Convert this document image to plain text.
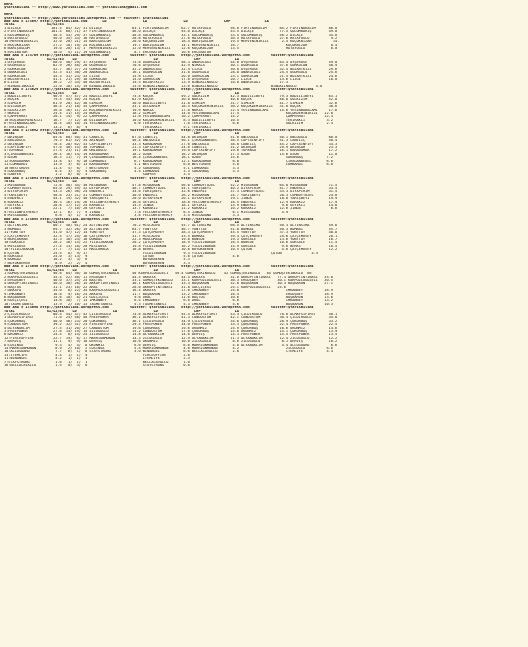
URFA
$YarisBilimi -- http://www.yarisbilimi.com -- yarisbilimi@gmail.com
URFA
$YarisBilimi -- http://www.yarisbilimi.wordpress.com -- twitter: $YarisBilimi
### ARA = 173697 http://yarisbilimi.com       LD                 LA                 LD                 LRP                LA
TOTAL               G1/S2/E3
1:DİLAÇE              101.5  84/ 42/ 31 DİLAÇE              63.1 FIRTINAKASIM      62.7 HATAYOĞLU         56.0 FIRTINAKASIM      85.2 FIRTINAKASIM      86.0
2:FIRTINAKASIM        101.4  60/ 71/ 37 FIRTINAKASIM        46.0 DİLAÇE            55.0 DİLAÇE            53.5 DİLAÇE            77.5 GÜLÜMBARIŞ        49.0
3:GÜLÜMBARIŞ           58.5  53/ 29/ 37 GÜLÜMBARIŞ          38.8 GÜLÜMBARIŞ        33.1 GÜLÜMBARIŞ        33.5 GÜLÜMBARIŞ        56.2 DİLAÇE            35.8
4:HATAYOĞLU            50.0  35/ 33/ 16 HATAYOĞLU           28.6 HATAYOĞLU         27.6 HATAYOĞLU         30.5 HATAYOĞLU         27.6 HATAYOĞLU          9.2
10:MERVENİNİKİZİ       32.0  20/ 21/ 15 BARIŞOĞLUM          20.0 KÜÇÜKBİZAR        18.4 BARIŞOĞLUM        19.5 MERVENİNİKİZİ      2.4 KÜÇÜKBİZAR          14.
5:KÜÇÜKBİZAR           27.2  10/ 19/ 24 KÜÇÜKBİZAR          19.7 BARIŞOĞLUM        14.1 MERVENİNİKİZİ     16.7                      KÜÇÜKBİZAR           8.4
6:BARIŞOĞLUM           19.0  20/ 13/ 1  MERVENİNİKİZİ       12.0 MERVENİNİKİZİ     12.6 KÜÇÜKBİZAR        13.5                      HATAYOĞLU            6.0
9:ERCEBATUR            18.0   5/ 11/ 19 GÜLÜMBARIŞ           8.7 ERCEBATUR         10.6 ERCEBATUR
### ARA = 173709 http://yarisbilimi.wordpress.com          twitter: $YarisBilimi   http://yarisbilimi.wordpress.com          twitter:$YarisBilimi
TOTAL               G1/S2/E3    LD                 LA                 LD                 LRP                LA
1:AYŞEROSE             68.0  58/ 29/ 37 AYŞEROSE            75.6 ÜĞÜRGÜLÜ          58.3 ANAKUCAĞI         54.8 AYŞEROSE          83.4 AYŞEROSE          59.0
5:ÜĞÜRGÜLÜ             62.9  26/ 48/ 28 ÜĞÜRGÜLÜ            70.6 AYŞEROSE          42.9 NİMALA            30.1 ÜĞÜRGÜLÜ          37.6 GÜRKUCAN          48.9
2:GÜRKUCAN             52.7  36/ 27/ 24 GÜRKUCAN            32.2 ANAKUCAĞI         32.4 LİZGE             30.0 AYŞEROSE          32.5 BOJARTKİZİ        29.6
4:ANAKUCAĞI            52.3  41/ 30/ 20 ANAKUCAĞI           16.1 ÜĞÜRKUCAN         31.8 ÜĞÜRGÜLÜ          28.8 ANAKUCAĞI         24.5 ÜĞÜRGÜLÜ          25.6
6:GÜRKUCAN             45.3  31/ 23/ 33 LİZGE               15.6 LİZGE             20.0 GÜRKUCAN          23.1 GÜRKUCAN          21.5 BOJARTKİZİ        24.6
3:BOJARTKİZİ           41.1  21/ 29/ 18 GÜRKUCAN            15.0 GÜRKUCAN          17.8 AYŞEROSE          20.7 LİZGE             13.6 LİZGE             18.0
8:LİZGE                36.2   2/ 33/ 40 BOJARTKİZİ          19.5 BOJARTKİZİ        13.9 BİNDALİNOĞLU      10.8 ANAKUCAĞI         17.3
7:BİNDALİNOĞLU         22.0  10/ 15/ 19 BİNDALİNOĞLU        13.6 BİNDALİNOĞLU      13.6 BİNDALİNOĞLU                         BİNDALİNOĞLU         5.8
### ARA = 173629 http://yarisbilimi.wordpress.com          twitter: $YarisBilimi   http://yarisbilimi.wordpress.com          twitter:$YarisBilimi
TOTAL               G1/S2/E3    LD                 LA                 LD                 LRP                LA
1:BADİLLİBEYİ          96.9  57/ 47/ 24 BADİLLİBEYİ         75.4 KOÇEK             59.2 GÜLKIZIM          42.3 BADİLLİBEYİ       79.3 BADİLLİBEYİ       63.1
2:KOÇEK                79.5  55/ 40/ 24 KOÇEK               62.9 KOÇEK             30.0 NURZA             40.6 KOÇEK             46.8 GÜLKIZIM          52.8
3:GİMGİM               61.9  20/ 42/ 38 GİMGİM              30.0 BADİLLİBEYİ       31.8 GİMGİM            31.7 GİMGİM            41.7 GİMGİM            32.6
4:DİLDARIM             46.4  21/ 18/ 35 ÇAMPERHAT           33.1 DİLDARIM          18.4 KÜÇÜKDEMİNİKİZİ   30.2 KÜÇÜKDEMİNİKİZİ   31.0 KOÇEK             30.6
8:GÜLKIZIM             26.8  16/ 11/ 22 KÜÇÜKDEMİNİKİZİ     19.9 NURZA             17.0 NURZA             22.4 YESİNBABALAMI     15.6 YESİNBABALAMI     17.6
7:NURZA                25.4  11/ 15/ 25 NURZA               18.2 GİMGİM            14.0 YESİNBABALAMI     17.5                      KÜÇÜKDEMİNİKİZİ   12.8
5:ÇAMPERHAT            20.1  14/  9/ 22 ÇAMPERHAT           12.6 YESİNBABALAMI     10.2 ÇAMPERHAT         14.2                      ÇAMPERHAT         12.4
10:KÜÇÜKDEMİNİKİZİ     16.7   7/ 12/ 16 DİLDARIM            10.0 KÜÇÜKDEMİNİKİZİ    8.3 BADİLLİBEYİ       10.5                      TEKİRAKLI          3.2
6:YESİNBABALAMI        16.4  10/ 10/ 14 YESİNBABALAMI        6.6 TEKİRAKLI          7.8 TEKİRAKLI          6.6                      GÜLKIZIM           2.4
6:TEKİRAKLI            13.2   6/  8/  9                          TEKİRAKLI          5.1 TEKİRAKLI
### ARA = 173692 http://yarisbilimi.wordpress.com          twitter: $YarisBilimi   http://yarisbilimi.wordpress.com          twitter:$YarisBilimi
TOTAL               G1/S2/E3    LD                 LA                 LD                 LRP                LA
7:AKINŞAH              85.6  60/ 50/ 31 CANELİÇ             67.0 CANELİÇ           54.8 AKINŞAH           51.0 ÜNLÜOĞLU          50.1 ÜNLÜOĞLU          60.0
3:ÜNLÜOĞLU             79.3  61/ 52/ 34 AKINŞAH             46.4 ÜNLÜOĞLU          50.1 ÇIRAĞANBEDEL      38.5 CAPTAINFIFT       51.3 CANELİÇ           58.4
2:AKINŞAH              78.4  28/ 62/ 33 CAPTAINFIFT         33.3 KARADAMAR         27.6 ÜNLÜOĞLU          38.0 CANELİÇ           45.2 CAPTAINFIFT       34.3
1:CAPTAINFIFT          57.0  40/ 15/ 30 TOPANGA             21.3 CAPTAINFIFT       24.6 CANELİÇ           31.2 AKINŞAH           29.9 AKINŞAH           23.3
4:TOPANGA              27.5  21/ 11/ 30 ÜNLÜOĞLU            19.1 KARADAMAR         19.0 CAPTAINFIFT       19.6 TOPANGA           16.1 KARADAMAR         17.2
3:ÇIRAĞANBEDEL         26.4  16/ 14/ 19 KARADAMAR           18.2 OZUN              16.2 AKINŞAH           17.3 OZUN              15.6 OZUN              11.0
5:OZUN                 16.3  11/  7/ 19 ÇIRAĞANBEDEL        16.4 ÇIRAĞANBEDEL      16.1 OZUN              15.6                      SAKARBAŞ           7.2
12:KARADAMAR           13.8   4/  9/ 10 LOMBARDI             6.7 KARADAMAR         12.1 KARADAMAR          6.0                      ÇIRAĞANBEDEL       6.8
11:LOMBARDI            13.9   3/  6/ 13 KARADAMAR            5.1 WESTGROVE          6.0 WESTGROVE          5.0                      LOMBARDI           6.0
10:WESTGROVE           11.4   5/  6/  7 WESTGROVE            5.2 SAKARBAŞ           5.1 LOMBARDI           3.3
9:SAKARBAŞ              6.5   3/  4/  5 SAKARBAŞ             4.5 LOMBARDI           3.3 SAKARBAŞ           3.3
8:SAWYER                1.2   0/  0/  3                          SAWYER             3.4
### ARA = 173693 http://yarisbilimi.wordpress.com          twitter: $YarisBilimi   http://yarisbilimi.wordpress.com          twitter:$YarisBilimi
TOTAL               G1/S2/E3    LD                 LA                 LD                 LRP                LA
1:MISBARAN             72.6  58/ 34/ 30 MISBARAN            57.8 MISBARAN          56.6 COMBOYTUZEL       52.2 MISBARAN          64.8 MISBARAN          71.5
2:COMBOYTUZEL          65.0  29/ 59/ 32 DİYAPİRİM           48.7 COMBOYTUZEL       44.1 YARIŞBEYİ         40.2 DİYAPİRİM         41.7 ENDERLİ           33.4
3:DİYAPİRİM            53.3  26/ 36/ 24 ENDERLİ             34.6 YARIŞBEYİ         32.6 ENDERLİ           37.3 COMBOYTUZEL       33.3 DİYAPİRİM         31.5
4:YARIŞBEYİ            50.8  23/ 21/ 31 COMBOYTUZEL         30.0 ENDERLİ           26.2 MISBARAN          24.7 YARIŞBEYİ         28.3 COMBOYTUZEL       24.0
5:ENDERLİ              44.1  19/ 32/ 40 YARIŞBEYİ           20.0 DİYAPİRİM         20.1 DİYAPİRİM         19.1 JİNDA             18.0 YARIŞBEYİ         19.9
6:KARAKIZ              30.3  16/ 19/ 26 YELLOWFATHERLY      16.6 GEYİKLİ           18.8 YELLOWFATHERLY    16.5 ENDERLİ           12.9 KARAKIZ           17.9
7:GEYİKLİ              28.6  17/ 12/ 24 KARAKIZ             14.5 JİNDA             18.1 GEYİKLİ           15.9 ENDERLİ            9.6 GEYİKLİ           14.8
10:JİNDA               22.1   7/ 10/ 20 GEYİKLİ             13.7 KARAKIZ           11.2 KARAKIZ           10.2 KARAKIZ           12.6 JİNDA              6.6
9:YELLOWFATHERLY       12.1   6/  7/  9 JİNDA                7.8 YELLOWFATHERLY     8.5 JİNDA              6.1 MISSADANA          4.9
8:MISSADANA             6.6   4/  1/  4 KARAKIZ              3.6 YELLOWFATHERLY     3.4 MISSADANA          3.3
### ARA = 173695 http://yarisbilimi.wordpress.com          twitter: $YarisBilimi   http://yarisbilimi.wordpress.com          twitter:$YarisBilimi
TOTAL               G1/S2/E3    LD                 LA                 LD                 LRP                LA
1:ALTINSIMA            80.7  50/ 61/ 24 ALTINSIMA           70.2 MISLAUVA          55.7 ALTINSIMA         66.5 ALTINSIMA         50.3 ALTINSIMA         59.6
3:BUMBAI               69.7  32/ 26/ 19 ALTINSIMA           64.7 YUNTTAY           46.7 YUNTTAY           51.8 BUMBAI            50.3 BUMBAI            55.7
11:YUNTTAY             51.0  47/ 12/ 14 YUNTTAY             37.3 ÇATÇEMOVEY        38.3 ÇATÇEMOVEY        45.5 YUNTTAY           37.3 YUNTTAY           48.8
2:ÇATÇEMOVEY           32.5  17/ 24/ 18 ÇATÇEMOVEY          31.7 MISLAUVA          33.5 BUMBAI            39.4 ÇATÇEMOVEY        25.6 ÇATÇEMOVEY        28.1
4:BURÇAKHAN            32.3  16/ 23/ 16 DUNDAS              22.3 MAĞLUMAGA         19.8 BUNSUE            19.3 GÖKSALE           13.6 YUNTTAY           16.7
10:GÖKSALE             28.2  16/ 14/ 22 YILDIZBAKAN         20.2 ÇATÇEMOVEY        18.9 YILDIZBAKAN       16.5 BUNSUE            10.6 GÖKSALE           11.4
5:MISLAUVA             27.4  13/ 18/ 20 MISLAUVA            19.8 YILDIZBAKAN       16.2 YILDIZBAKAN       15.9 GÖKSALE            9.6 BERKS             10.5
10:YILDIZBAKAN         27.7   7/ 14/ 12 MAĞLUMAGA           16.8 BERKS             10.6 BÜYÜKBEREN        10.5 ÇUTUN              4.6 ÇATÇEMOVEY        12.2
6:ÇUTUN                25.5   8/  9/ 17                          YILDIZBAKAN        9.3 YILDIZBAKAN                          ÇUTUN              4.4
8:GÖKSALE              25.0   3/ 13/  9                          ÇUTUN              5.6 ÇUTUN              4.0
9:DUNGAZ               10.2   3/  3/  6                          BÜYÜKBEREN         5.3
7:BÜYÜKBEREN            8.9   2/  2/  4                          BÜYÜKBEREN         3.3
### ARA = 173696 http://yarisbilimi.wordpress.com          twitter: $YarisBilimi   http://yarisbilimi.wordpress.com          twitter:$YarisBilimi
TOTAL               G1/S2/E3    LD                 LA                 LD                 LRP                LA
1:GÜMÜŞTEKİNOĞLU       98.6  84/ 30/ 18 GÜMÜŞTEKİNOĞLU      58 KARPUZLUGÖZELİ   49.4 GÜMÜŞTEKİNOĞLU    42 GÜMÜŞTEKİNOĞLU   85 GÜMÜŞTEKİNOĞLU  66
2:KARPUZLUGÖZELİ       35.4  22/ 40/ 11 ERGÜŞBEY            44.5 AKKAYA            44.4 AKKAYA            31.8 AKKUPTİNTİNASI   77.3 AKKUPTİNTİNASI   35.8
3:ERGÜŞBEY             40.0  37/ 25/ 25 BAŞTUĞ              33.1 GÜMÜŞTEKİNOĞLU    33.1 KARPUZLUGÖZELİ    30.3 ERGÜŞBEY         30.1 KARPUZLUGÖZELİ   30.5
4:AKKUPTİNTİNASI       40.0  30/ 26/ 15 AKKUPTİNTİNASI      30.1 KARPUZLUGÖZELİ    33.3 BAŞBARON          32.6 BAŞBARON         30.3 BAŞBARON         27.1
5:BAŞTUĞ               31.1  23/ 10/ 22 ARAL                28.6 AKKUPTİNTİNASI    31.8 GÜLÇİÇEĞİ         25.1 KARPUZLUGÖZELİ   25.6
7:AKKAYA               35.0   8/ 22/ 34 KARPUZLUGÖZELİ      16.4 AKKAYA            17.6 İMKANBEY          25.0                      İMKANBEY          16.9
9:İMKANBEY             16.8   9/ 16/ 24 AKKAYA              11.7 BAŞBARON          13.2 İMKANBEY          16.4                      ERGÜŞBEY          16.9
6:BAŞBARON             15.6  10/  8/ 21 GÜLÇİÇEĞİ            9.6 ARAL              11.6 BAŞTUĞ            10.6                      BAŞBARON          13.6
8:GÜLÇİÇEĞİ            14.6  10/  7/ 13 İMKANBEY             6.5 İMKANBEY           6.6 ARAL               6.6                      İMKANBEY          13.2
10:TAĞMETANESİ         13.9   2/ 10/ 13 TAĞMETANESİ          5.3 TAĞMETANESİ        5.3 İMKANBEY           5.6                      BAŞBARON          10.3
### ARA = 173698 http://yarisbilimi.wordpress.com          twitter: $YarisBilimi   http://yarisbilimi.wordpress.com          twitter:$YarisBilimi
TOTAL               G1/S2/E3    LD                 LA                 LD                 LRP                LA
2:ÇILDIRGÖLÜ           80.5  54/ 37/ 42 ÇILDIRGÖLÜ          74.6 ALMAYSIFIRST      55.4 ALMAYSIFIRST      53.4 ÇILDIRGÖLÜ        78.0 ALMAYSIFIRST      50.1
1:ALMAYSIFIRST         71.0  25/ 58/ 40 FREEPOWER           36.1 ALMAYSIFIRST      41.3 CANDOSTUM         42.1 CANDOSTUM         30.4 ÇILDIRGÖLÜ        35.8
5:ÇUKURBAŞ             50.0  46/ 23/ 20 ÇUKURBAŞ            36.1 ÇILDIRGÖLÜ        34.9 ÇILDIRGÖLÜ        35.6 ÇUKURBAŞ          28.9 ÇUKURBAŞ          33.2
9:CANDOSTUM            39.2  32/ 31/ 23 FIRCEOFFİRE         29.5 FREEPOWER         34.0 FREEPOWER         33.3 ÇUKURBAŞ          22.4 FREEPOWER         22.5
4:ALYANAKLIM           27.5  31/ 20/ 27 CANDOSTUM           19.6 ÇUKURBAŞ          19.6 OKONMİZ           25.9 ÇUKURBAŞ          16.6 OKONMİZ           14.6
3:FREEPOWER            27.6  14/ 19/ 15 ZİLOĞOĞLU           15.2 CANDOSTUM         17.6 ÇUKURBAŞ          15.6 OKONMİZ           14.1 ÇUKURBAŞ          13.9
6:OKONMİZ              24.5   8/ 14/ 24 ZİLOĞOĞLU           14.6 ALYANAKLIM        14.6 DERVİŞ            14.3 FREEPOWER         14.5 FREEPOWER         13.5
12:FİRCEOFFİRE         22.7  19/  6/ 17 MARRIONMONAN        14.3 ZİLOĞOĞLU         12.9 ALYANAKLIM        11.3 ALYANAKLIM        12.4 ZİLOĞOĞLU         12.2
7:DERVİŞ               11.1   9/  9/ 10 DERVİŞ              10.6 OKONMİZ           10.0 ZİLOĞOĞLU          8.6 ZİLOĞOĞLU          8.1 DERVİŞ            10.2
8:LUSINGA               9.3   4/  4/  8 OKONMİZ              6.6 DERVİŞ             6.6 MARRIONMONAN       4.8 ALYANAKLIM         4.4 ALLOGUARD          6.6
14:MARRIONMONAN         8.9   2/ 10/  2 LUSINGA              5.4 MARRIONMONAN       4.6 MARRIONMONAN       4.2                      ZİLOĞOĞLU          6.6
10:ALLOGUARD            7.7   6/  1/  8 STAYSTRONG           5.0 WINANGEL           6.6 BELLACAVALLO       2.0                      İTEMLİFE           4.4
13:İTEMLİFE             4.4   1/  1/  4                          FIRCEOFFİRE        2.6
11:WINANGEL             4.2   1/  1/  3                          İTEMLİFE           2.3
7:STAYSTRONG            1.6   1/  1/  1                          BELLACAVALLO       1.0
16:BELLACAVALLO         1.5   0/  3/  0                          STAYSTRONG         0.8
